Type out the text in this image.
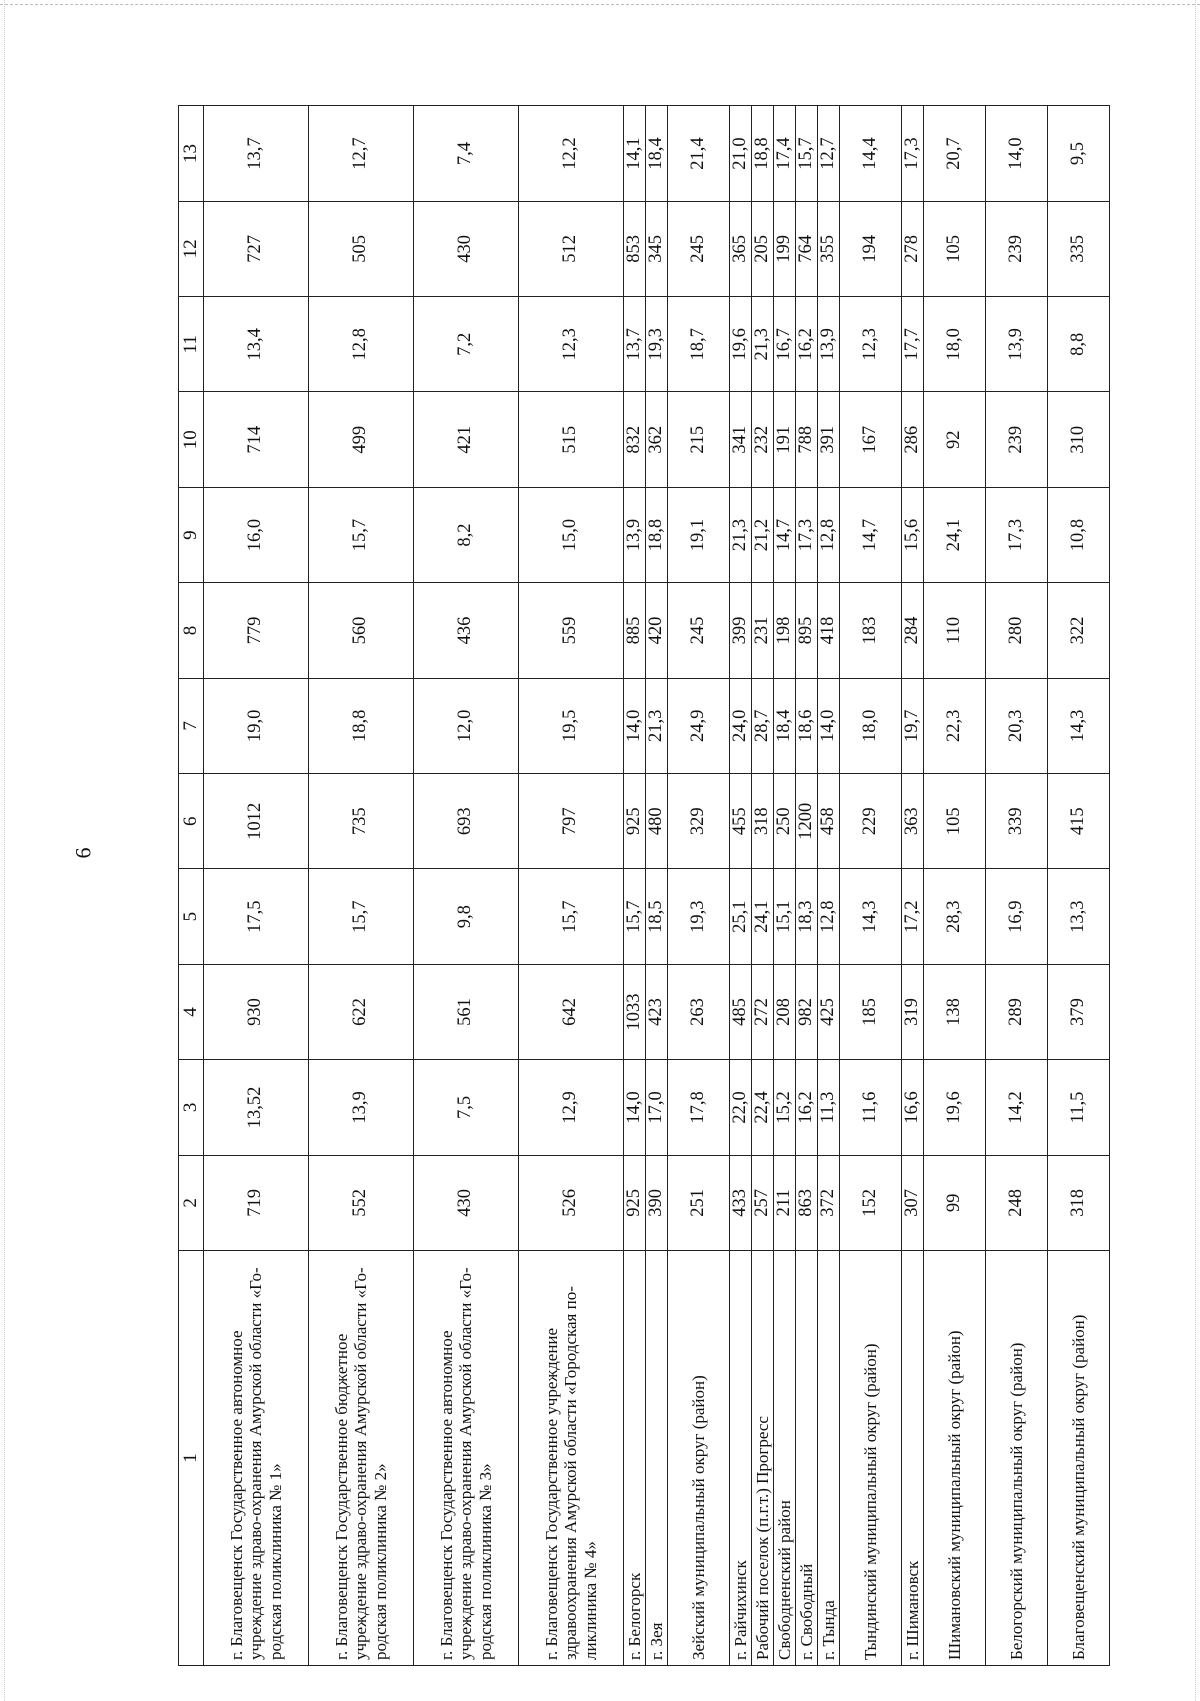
6
1	2	3	4	5	6	7	8	9	10	11	12	13
г. Благовещенск Государственное автономное учреждение здраво-охранения Амурской области «Го-родская поликлиника № 1»	719	13,52	930	17,5	1012	19,0	779	16,0	714	13,4	727	13,7
г. Благовещенск Государственное бюджетное учреждение здраво-охранения Амурской области «Го-родская поликлиника № 2»	552	13,9	622	15,7	735	18,8	560	15,7	499	12,8	505	12,7
г. Благовещенск Государственное автономное учреждение здраво-охранения Амурской области «Го-родская поликлиника № 3»	430	7,5	561	9,8	693	12,0	436	8,2	421	7,2	430	7,4
г. Благовещенск Государственное учреждение здравоохранения Амурской области «Городская по-ликлиника № 4»	526	12,9	642	15,7	797	19,5	559	15,0	515	12,3	512	12,2
г. Белогорск	925	14,0	1033	15,7	925	14,0	885	13,9	832	13,7	853	14,1
г. Зея	390	17,0	423	18,5	480	21,3	420	18,8	362	19,3	345	18,4
Зейский муниципальный округ (район)	251	17,8	263	19,3	329	24,9	245	19,1	215	18,7	245	21,4
г. Райчихинск	433	22,0	485	25,1	455	24,0	399	21,3	341	19,6	365	21,0
Рабочий поселок (п.г.т.) Прогресс	257	22,4	272	24,1	318	28,7	231	21,2	232	21,3	205	18,8
Свободненский район	211	15,2	208	15,1	250	18,4	198	14,7	191	16,7	199	17,4
г. Свободный	863	16,2	982	18,3	1200	18,6	895	17,3	788	16,2	764	15,7
г. Тында	372	11,3	425	12,8	458	14,0	418	12,8	391	13,9	355	12,7
Тындинский муниципальный округ (район)	152	11,6	185	14,3	229	18,0	183	14,7	167	12,3	194	14,4
г. Шимановск	307	16,6	319	17,2	363	19,7	284	15,6	286	17,7	278	17,3
Шимановский муниципальный округ (район)	99	19,6	138	28,3	105	22,3	110	24,1	92	18,0	105	20,7
Белогорский муниципальный округ (район)	248	14,2	289	16,9	339	20,3	280	17,3	239	13,9	239	14,0
Благовещенский муниципальный округ (район)	318	11,5	379	13,3	415	14,3	322	10,8	310	8,8	335	9,5
